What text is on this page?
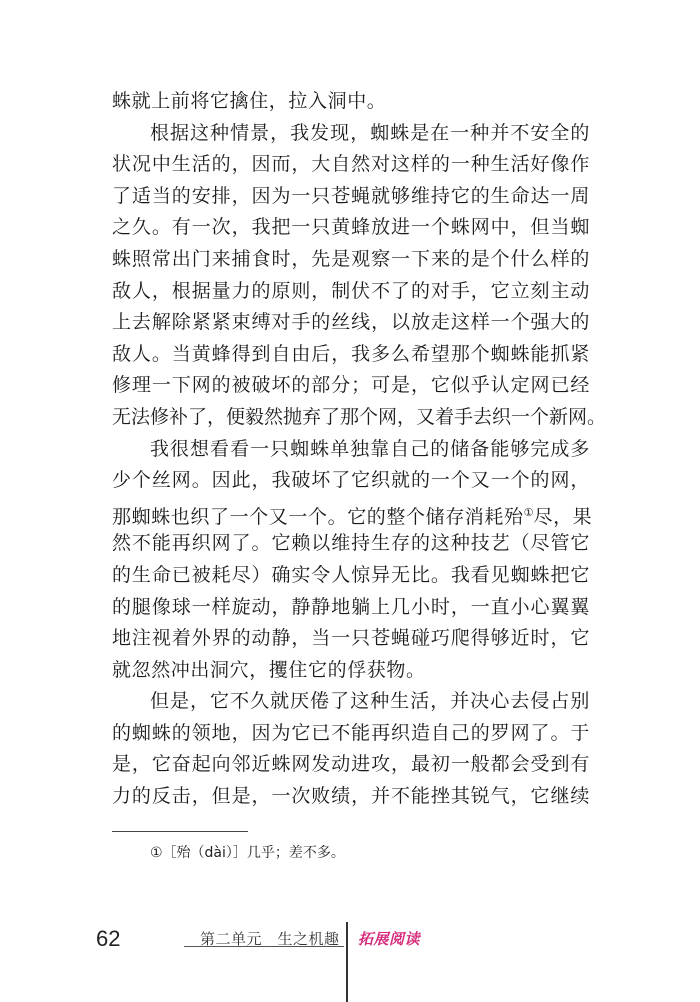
蛛就上前将它擒住，拉入洞中。
根据这种情景，我发现，蜘蛛是在一种并不安全的
状况中生活的，因而，大自然对这样的一种生活好像作
了适当的安排，因为一只苍蝇就够维持它的生命达一周
之久。有一次，我把一只黄蜂放进一个蛛网中，但当蜘
蛛照常出门来捕食时，先是观察一下来的是个什么样的
敌人，根据量力的原则，制伏不了的对手，它立刻主动
上去解除紧紧束缚对手的丝线，以放走这样一个强大的
敌人。当黄蜂得到自由后，我多么希望那个蜘蛛能抓紧
修理一下网的被破坏的部分；可是，它似乎认定网已经
无法修补了，便毅然抛弃了那个网，又着手去织一个新网。
我很想看看一只蜘蛛单独靠自己的储备能够完成多
少个丝网。因此，我破坏了它织就的一个又一个的网，
那蜘蛛也织了一个又一个。它的整个储存消耗殆①尽，果
然不能再织网了。它赖以维持生存的这种技艺（尽管它
的生命已被耗尽）确实令人惊异无比。我看见蜘蛛把它
的腿像球一样旋动，静静地躺上几小时，一直小心翼翼
地注视着外界的动静，当一只苍蝇碰巧爬得够近时，它
就忽然冲出洞穴，攫住它的俘获物。
但是，它不久就厌倦了这种生活，并决心去侵占别
的蜘蛛的领地，因为它已不能再织造自己的罗网了。于
是，它奋起向邻近蛛网发动进攻，最初一般都会受到有
力的反击，但是，一次败绩，并不能挫其锐气，它继续
①［殆（dài）］几乎；差不多。
62	第二单元　生之机趣 拓展阅读
